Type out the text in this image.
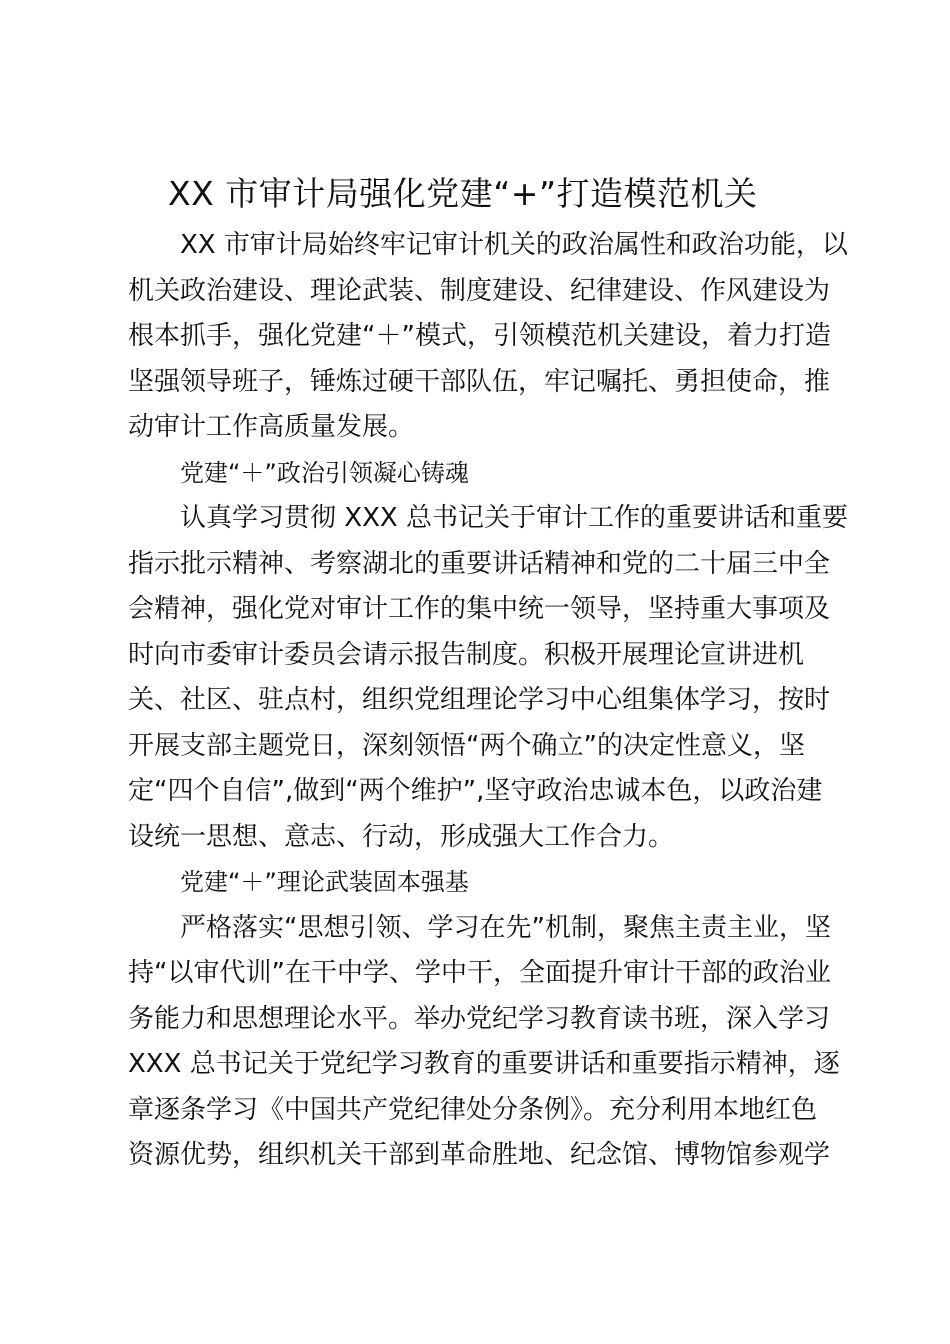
XX 市审计局强化党建“+”打造模范机关
XX 市审计局始终牢记审计机关的政治属性和政治功能，以
机关政治建设、理论武装、制度建设、纪律建设、作风建设为
根本抓手，强化党建“＋”模式，引领模范机关建设，着力打造
坚强领导班子，锤炼过硬干部队伍，牢记嘱托、勇担使命，推
动审计工作高质量发展。
党建“＋”政治引领凝心铸魂
认真学习贯彻 XXX 总书记关于审计工作的重要讲话和重要
指示批示精神、考察湖北的重要讲话精神和党的二十届三中全
会精神，强化党对审计工作的集中统一领导，坚持重大事项及
时向市委审计委员会请示报告制度。积极开展理论宣讲进机
关、社区、驻点村，组织党组理论学习中心组集体学习，按时
开展支部主题党日，深刻领悟“两个确立”的决定性意义，坚
定“四个自信”,做到“两个维护”,坚守政治忠诚本色，以政治建
设统一思想、意志、行动，形成强大工作合力。
党建“＋”理论武装固本强基
严格落实“思想引领、学习在先”机制，聚焦主责主业，坚
持“以审代训”在干中学、学中干，全面提升审计干部的政治业
务能力和思想理论水平。举办党纪学习教育读书班，深入学习
XXX 总书记关于党纪学习教育的重要讲话和重要指示精神，逐
章逐条学习《中国共产党纪律处分条例》。充分利用本地红色
资源优势，组织机关干部到革命胜地、纪念馆、博物馆参观学
